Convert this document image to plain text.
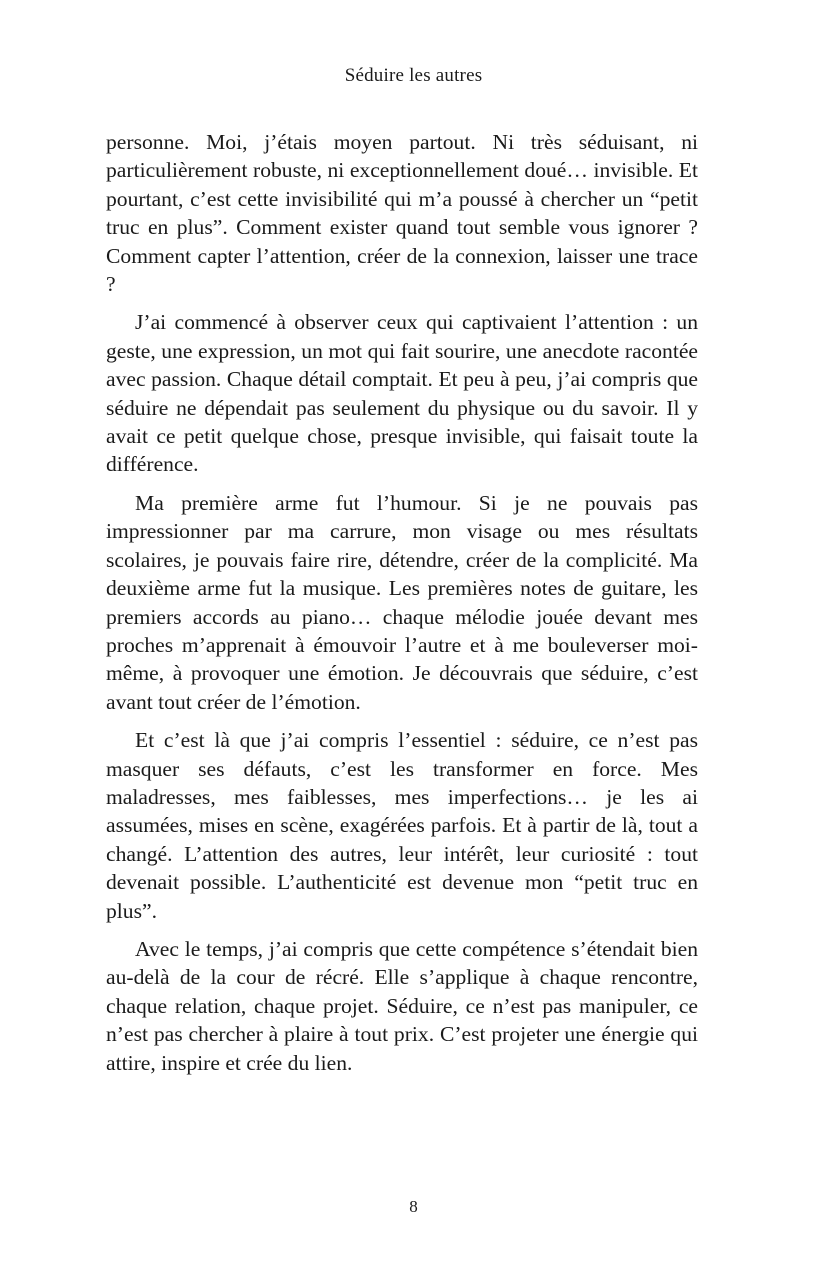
Séduire les autres

personne. Moi, j’étais moyen partout. Ni très séduisant, ni particulièrement robuste, ni exceptionnellement doué… invisible. Et pourtant, c’est cette invisibilité qui m’a poussé à chercher un “petit truc en plus”. Comment exister quand tout semble vous ignorer ? Comment capter l’attention, créer de la connexion, laisser une trace ?

J’ai commencé à observer ceux qui captivaient l’attention : un geste, une expression, un mot qui fait sourire, une anecdote racontée avec passion. Chaque détail comptait. Et peu à peu, j’ai compris que séduire ne dépendait pas seulement du physique ou du savoir. Il y avait ce petit quelque chose, presque invisible, qui faisait toute la différence.

Ma première arme fut l’humour. Si je ne pouvais pas impressionner par ma carrure, mon visage ou mes résultats scolaires, je pouvais faire rire, détendre, créer de la complicité. Ma deuxième arme fut la musique. Les premières notes de guitare, les premiers accords au piano… chaque mélodie jouée devant mes proches m’apprenait à émouvoir l’autre et à me bouleverser moi-même, à provoquer une émotion. Je découvrais que séduire, c’est avant tout créer de l’émotion.

Et c’est là que j’ai compris l’essentiel : séduire, ce n’est pas masquer ses défauts, c’est les transformer en force. Mes maladresses, mes faiblesses, mes imperfections… je les ai assumées, mises en scène, exagérées parfois. Et à partir de là, tout a changé. L’attention des autres, leur intérêt, leur curiosité : tout devenait possible. L’authenticité est devenue mon “petit truc en plus”.

Avec le temps, j’ai compris que cette compétence s’étendait bien au-delà de la cour de récré. Elle s’applique à chaque rencontre, chaque relation, chaque projet. Séduire, ce n’est pas manipuler, ce n’est pas chercher à plaire à tout prix. C’est projeter une énergie qui attire, inspire et crée du lien.

8
